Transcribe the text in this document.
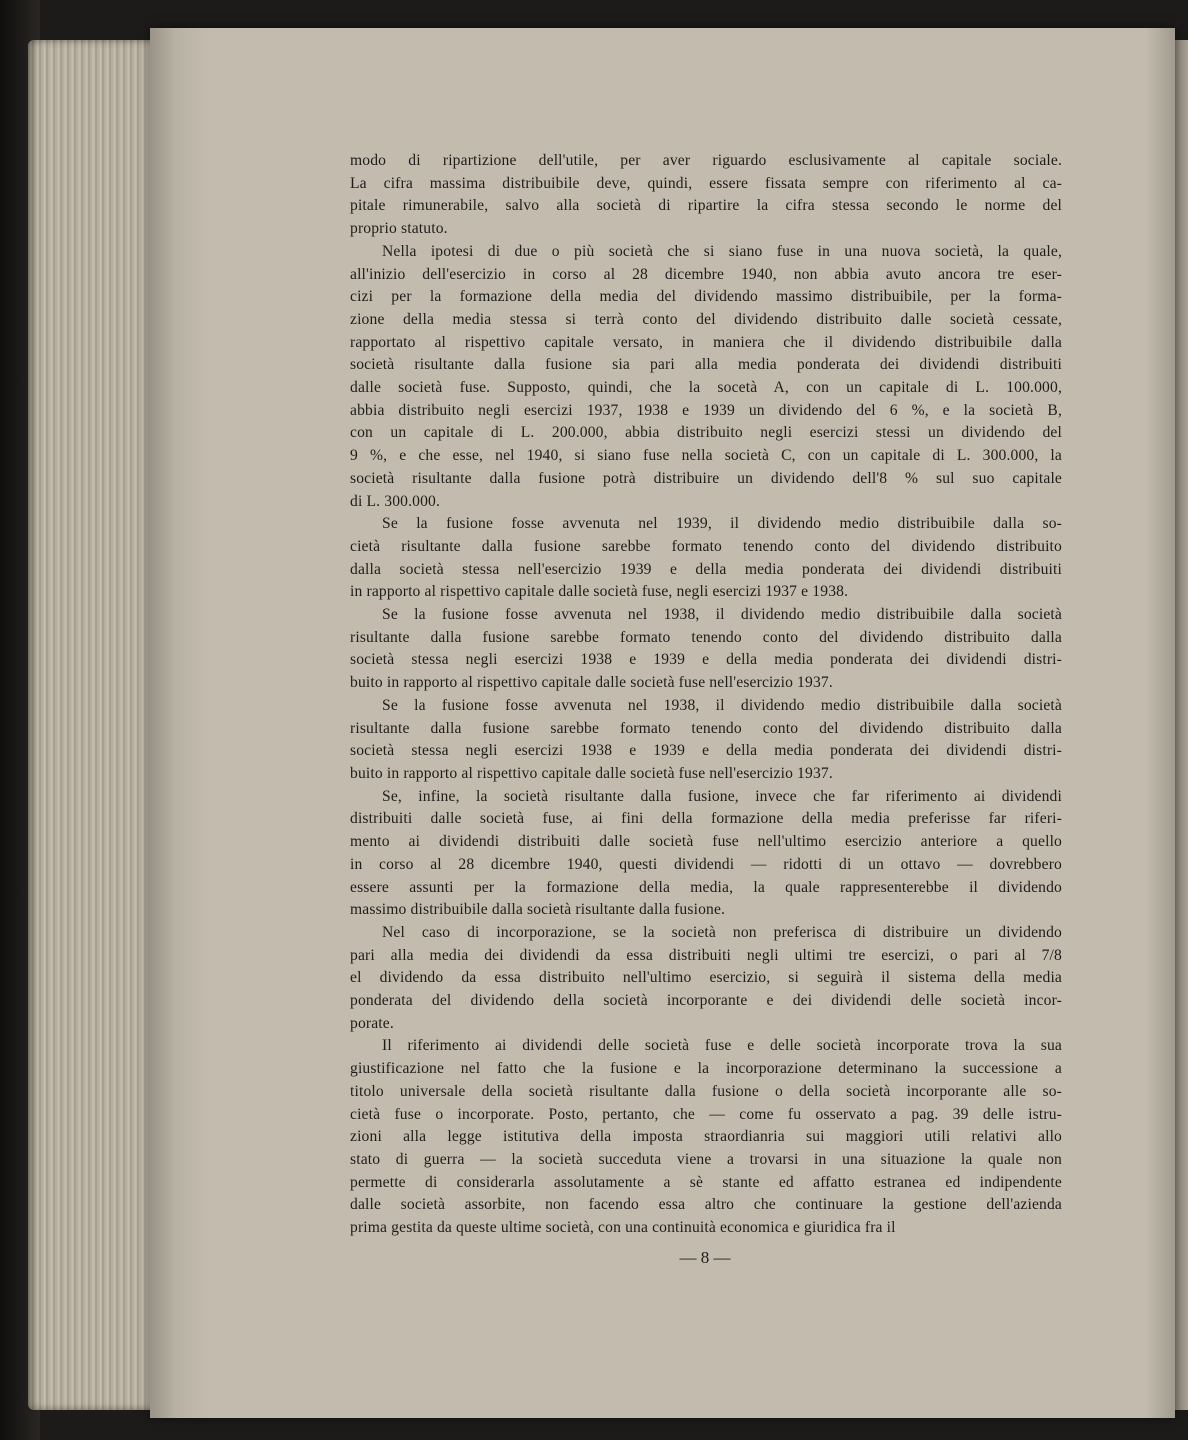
modo di ripartizione dell'utile, per aver riguardo esclusivamente al capitale sociale.
La cifra massima distribuibile deve, quindi, essere fissata sempre con riferimento al ca-
pitale rimunerabile, salvo alla società di ripartire la cifra stessa secondo le norme del
proprio statuto.
Nella ipotesi di due o più società che si siano fuse in una nuova società, la quale,
all'inizio dell'esercizio in corso al 28 dicembre 1940, non abbia avuto ancora tre eser-
cizi per la formazione della media del dividendo massimo distribuibile, per la forma-
zione della media stessa si terrà conto del dividendo distribuito dalle società cessate,
rapportato al rispettivo capitale versato, in maniera che il dividendo distribuibile dalla
società risultante dalla fusione sia pari alla media ponderata dei dividendi distribuiti
dalle società fuse. Supposto, quindi, che la socetà A, con un capitale di L. 100.000,
abbia distribuito negli esercizi 1937, 1938 e 1939 un dividendo del 6 %, e la società B,
con un capitale di L. 200.000, abbia distribuito negli esercizi stessi un dividendo del
9 %, e che esse, nel 1940, si siano fuse nella società C, con un capitale di L. 300.000, la
società risultante dalla fusione potrà distribuire un dividendo dell'8 % sul suo capitale
di L. 300.000.
Se la fusione fosse avvenuta nel 1939, il dividendo medio distribuibile dalla so-
cietà risultante dalla fusione sarebbe formato tenendo conto del dividendo distribuito
dalla società stessa nell'esercizio 1939 e della media ponderata dei dividendi distribuiti
in rapporto al rispettivo capitale dalle società fuse, negli esercizi 1937 e 1938.
Se la fusione fosse avvenuta nel 1938, il dividendo medio distribuibile dalla società
risultante dalla fusione sarebbe formato tenendo conto del dividendo distribuito dalla
società stessa negli esercizi 1938 e 1939 e della media ponderata dei dividendi distri-
buito in rapporto al rispettivo capitale dalle società fuse nell'esercizio 1937.
Se la fusione fosse avvenuta nel 1938, il dividendo medio distribuibile dalla società
risultante dalla fusione sarebbe formato tenendo conto del dividendo distribuito dalla
società stessa negli esercizi 1938 e 1939 e della media ponderata dei dividendi distri-
buito in rapporto al rispettivo capitale dalle società fuse nell'esercizio 1937.
Se, infine, la società risultante dalla fusione, invece che far riferimento ai dividendi
distribuiti dalle società fuse, ai fini della formazione della media preferisse far riferi-
mento ai dividendi distribuiti dalle società fuse nell'ultimo esercizio anteriore a quello
in corso al 28 dicembre 1940, questi dividendi — ridotti di un ottavo — dovrebbero
essere assunti per la formazione della media, la quale rappresenterebbe il dividendo
massimo distribuibile dalla società risultante dalla fusione.
Nel caso di incorporazione, se la società non preferisca di distribuire un dividendo
pari alla media dei dividendi da essa distribuiti negli ultimi tre esercizi, o pari al 7/8
el dividendo da essa distribuito nell'ultimo esercizio, si seguirà il sistema della media
ponderata del dividendo della società incorporante e dei dividendi delle società incor-
porate.
Il riferimento ai dividendi delle società fuse e delle società incorporate trova la sua
giustificazione nel fatto che la fusione e la incorporazione determinano la successione a
titolo universale della società risultante dalla fusione o della società incorporante alle so-
cietà fuse o incorporate. Posto, pertanto, che — come fu osservato a pag. 39 delle istru-
zioni alla legge istitutiva della imposta straordianria sui maggiori utili relativi allo
stato di guerra — la società succeduta viene a trovarsi in una situazione la quale non
permette di considerarla assolutamente a sè stante ed affatto estranea ed indipendente
dalle società assorbite, non facendo essa altro che continuare la gestione dell'azienda
prima gestita da queste ultime società, con una continuità economica e giuridica fra il
— 8 —
